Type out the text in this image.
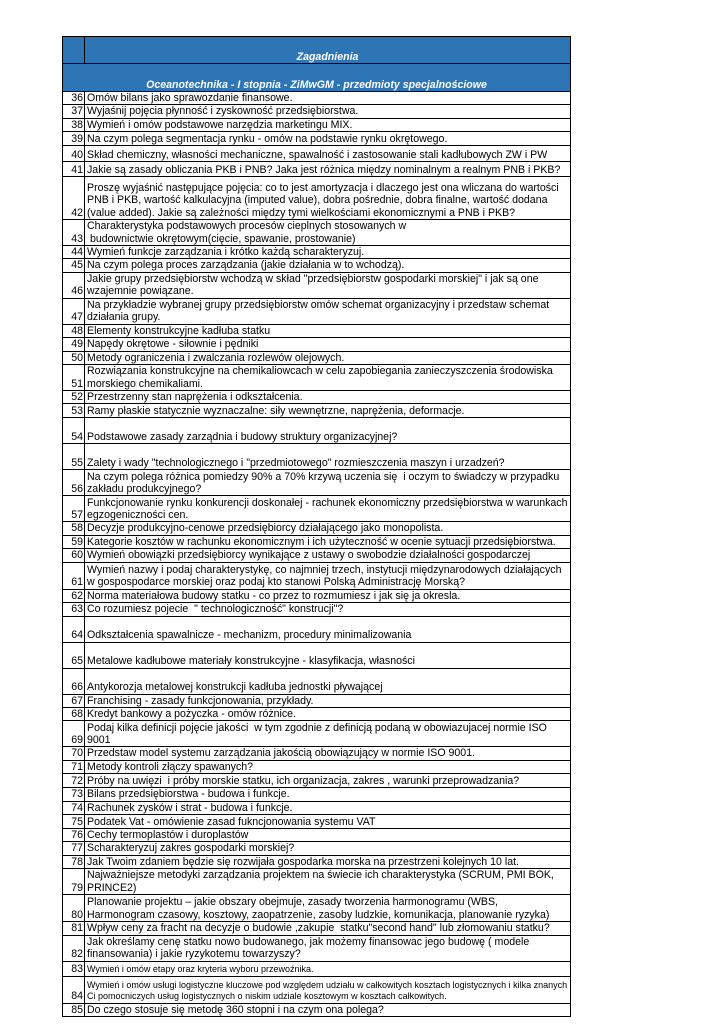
	Zagadnienia
Oceanotechnika - I stopnia - ZiMwGM - przedmioty specjalnościowe	
36	Omów bilans jako sprawozdanie finansowe.
37	Wyjaśnij pojęcia płynność i zyskowność przedsiębiorstwa.
38	Wymień i omów podstawowe narzędzia marketingu MIX.
39	Na czym polega segmentacja rynku - omów na podstawie rynku okrętowego.
40	Skład chemiczny, własności mechaniczne, spawalność i zastosowanie stali kadłubowych ZW i PW
41	Jakie są zasady obliczania PKB i PNB? Jaka jest różnica między nominalnym a realnym PNB i PKB?
42	Proszę wyjaśnić następujące pojęcia: co to jest amortyzacja i dlaczego jest ona wliczana do wartości PNB i PKB, wartość kalkulacyjna (imputed value), dobra pośrednie, dobra finalne, wartość dodana (value added). Jakie są zależności między tymi wielkościami ekonomicznymi a PNB i PKB?
43	Charakterystyka podstawowych procesów cieplnych stosowanych w
budownictwie okrętowym(cięcie, spawanie, prostowanie)
44	Wymień funkcje zarządzania i krótko każdą scharakteryzuj.
45	Na czym polega proces zarządzania (jakie działania w to wchodzą).
46	Jakie grupy przedsiębiorstw wchodzą w skład "przedsiębiorstw gospodarki morskiej" i jak są one wzajemnie powiązane.
47	Na przykładzie wybranej grupy przedsiębiorstw omów schemat organizacyjny i przedstaw schemat działania grupy.
48	Elementy konstrukcyjne kadłuba statku
49	Napędy okrętowe - siłownie i pędniki
50	Metody ograniczenia i zwalczania rozlewów olejowych.
51	Rozwiązania konstrukcyjne na chemikaliowcach w celu zapobiegania zanieczyszczenia środowiska morskiego chemikaliami.
52	Przestrzenny stan naprężenia i odkształcenia.
53	Ramy płaskie statycznie wyznaczalne: siły wewnętrzne, naprężenia, deformacje.
54	Podstawowe zasady zarządnia i budowy struktury organizacyjnej?
55	Zalety i wady "technologicznego i "przedmiotowego" rozmieszczenia maszyn i urzadzeń?
56	Na czym polega różnica pomiedzy 90% a 70% krzywą uczenia się  i oczym to świadczy w przypadku zakładu produkcyjnego?
57	Funkcjonowanie rynku konkurencji doskonałej - rachunek ekonomiczny przedsiębiorstwa w warunkach egzogeniczności cen.
58	Decyzje produkcyjno-cenowe przedsiębiorcy działającego jako monopolista.
59	Kategorie kosztów w rachunku ekonomicznym i ich użyteczność w ocenie sytuacji przedsiębiorstwa.
60	Wymień obowiązki przedsiębiorcy wynikające z ustawy o swobodzie działalności gospodarczej
61	Wymień nazwy i podaj charakterystykę, co najmniej trzech, instytucji międzynarodowych działających w gospospodarce morskiej oraz podaj kto stanowi Polską Administrację Morską?
62	Norma materiałowa budowy statku - co przez to rozmumiesz i jak się ja okresla.
63	Co rozumiesz pojecie  " technologiczność" konstrucji"?
64	Odkształcenia spawalnicze - mechanizm, procedury minimalizowania
65	Metalowe kadłubowe materiały konstrukcyjne - klasyfikacja, własności
66	Antykorozja metalowej konstrukcji kadłuba jednostki pływającej
67	Franchising - zasady funkcjonowania, przykłady.
68	Kredyt bankowy a pożyczka - omów różnice.
69	Podaj kilka definicji pojęcie jakości  w tym zgodnie z definicją podaną w obowiazujacej normie ISO 9001
70	Przedstaw model systemu zarządzania jakością obowiązujący w normie ISO 9001.
71	Metody kontroli złączy spawanych?
72	Próby na uwięzi  i próby morskie statku, ich organizacja, zakres , warunki przeprowadzania?
73	Bilans przedsiębiorstwa - budowa i funkcje.
74	Rachunek zysków i strat - budowa i funkcje.
75	Podatek Vat - omówienie zasad fukncjonowania systemu VAT
76	Cechy termoplastów i duroplastów
77	Scharakteryzuj zakres gospodarki morskiej?
78	Jak Twoim zdaniem będzie się rozwijała gospodarka morska na przestrzeni kolejnych 10 lat.
79	Najważniejsze metodyki zarządzania projektem na świecie ich charakterystyka (SCRUM, PMI BOK, PRINCE2)
80	Planowanie projektu – jakie obszary obejmuje, zasady tworzenia harmonogramu (WBS, Harmonogram czasowy, kosztowy, zaopatrzenie, zasoby ludzkie, komunikacja, planowanie ryzyka)
81	Wpływ ceny za fracht na decyzje o budowie ,zakupie  statku"second hand" lub złomowaniu statku?
82	Jak określamy cenę statku nowo budowanego, jak możemy finansowac jego budowę ( modele finansowania) i jakie ryzykotemu towarzyszy?
83	Wymień i omów etapy oraz kryteria wyboru przewoźnika.
84	Wymień i omów usługi logistyczne kluczowe pod względem udziału w całkowitych kosztach logistycznych i kilka znanych Ci pomocniczych usług logistycznych o niskim udziale kosztowym w kosztach całkowitych.
85	Do czego stosuje się metodę 360 stopni i na czym ona polega?
